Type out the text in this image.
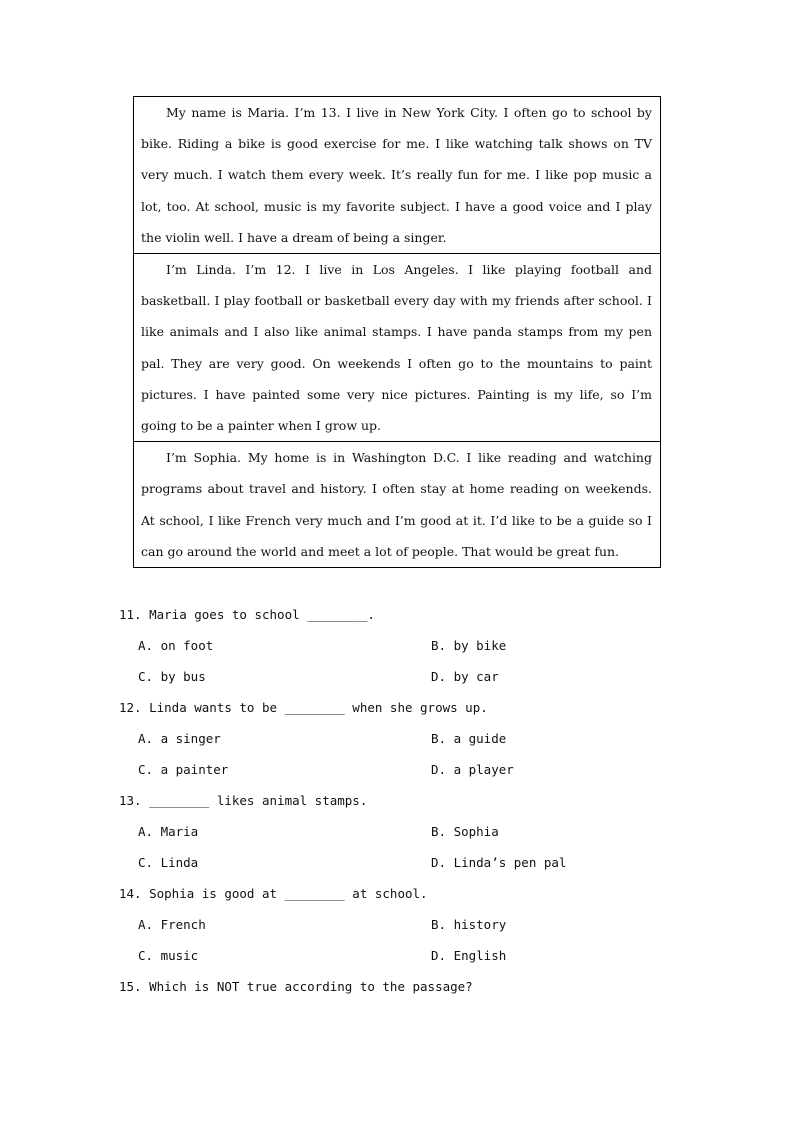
My name is Maria. I’m 13. I live in New York City. I often go to school by bike. Riding a bike is good exercise for me. I like watching talk shows on TV very much. I watch them every week. It’s really fun for me. I like pop music a lot, too. At school, music is my favorite subject. I have a good voice and I play the violin well. I have a dream of being a singer.

I’m Linda. I’m 12. I live in Los Angeles. I like playing football and basketball. I play football or basketball every day with my friends after school. I like animals and I also like animal stamps. I have panda stamps from my pen pal. They are very good. On weekends I often go to the mountains to paint pictures. I have painted some very nice pictures. Painting is my life, so I’m going to be a painter when I grow up.

I’m Sophia. My home is in Washington D.C. I like reading and watching programs about travel and history. I often stay at home reading on weekends. At school, I like French very much and I’m good at it. I’d like to be a guide so I can go around the world and meet a lot of people. That would be great fun.

11. Maria goes to school ________.
A. on foot	B. by bike
C. by bus	D. by car
12. Linda wants to be ________ when she grows up.
A. a singer	B. a guide
C. a painter	D. a player
13. ________ likes animal stamps.
A. Maria	B. Sophia
C. Linda	D. Linda’s pen pal
14. Sophia is good at ________ at school.
A. French	B. history
C. music	D. English
15. Which is NOT true according to the passage?
